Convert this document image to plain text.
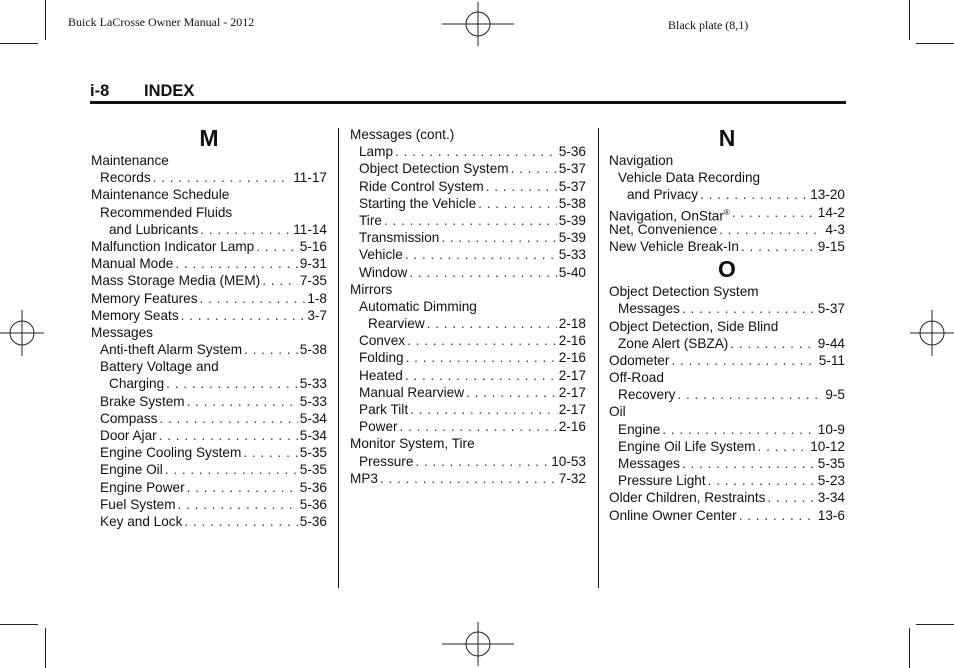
Buick LaCrosse Owner Manual - 2012	Black plate (8,1)
i-8 INDEX
M
Maintenance
Records . . .	11-17
Maintenance Schedule
Recommended Fluids
and Lubricants . . .	11-14
Malfunction Indicator Lamp . . .	5-16
Manual Mode . . .	9-31
Mass Storage Media (MEM) . . .	7-35
Memory Features . . .	1-8
Memory Seats . . .	3-7
Messages
Anti-theft Alarm System . . .	5-38
Battery Voltage and
Charging . . .	5-33
Brake System . . .	5-33
Compass . . .	5-34
Door Ajar . . .	5-34
Engine Cooling System . . .	5-35
Engine Oil . . .	5-35
Engine Power . . .	5-36
Fuel System . . .	5-36
Key and Lock . . .	5-36
Messages (cont.)
Lamp . . .	5-36
Object Detection System . . .	5-37
Ride Control System . . .	5-37
Starting the Vehicle . . .	5-38
Tire . . .	5-39
Transmission . . .	5-39
Vehicle . . .	5-33
Window . . .	5-40
Mirrors
Automatic Dimming
Rearview . . .	2-18
Convex . . .	2-16
Folding . . .	2-16
Heated . . .	2-17
Manual Rearview . . .	2-17
Park Tilt . . .	2-17
Power . . .	2-16
Monitor System, Tire
Pressure . . .	10-53
MP3 . . .	7-32
N
Navigation
Vehicle Data Recording
and Privacy . . .	13-20
Navigation, OnStar® . . .	14-2
Net, Convenience . . .	4-3
New Vehicle Break-In . . .	9-15
O
Object Detection System
Messages . . .	5-37
Object Detection, Side Blind
Zone Alert (SBZA) . . .	9-44
Odometer . . .	5-11
Off-Road
Recovery . . .	9-5
Oil
Engine . . .	10-9
Engine Oil Life System . . .	10-12
Messages . . .	5-35
Pressure Light . . .	5-23
Older Children, Restraints . . .	3-34
Online Owner Center . . .	13-6
